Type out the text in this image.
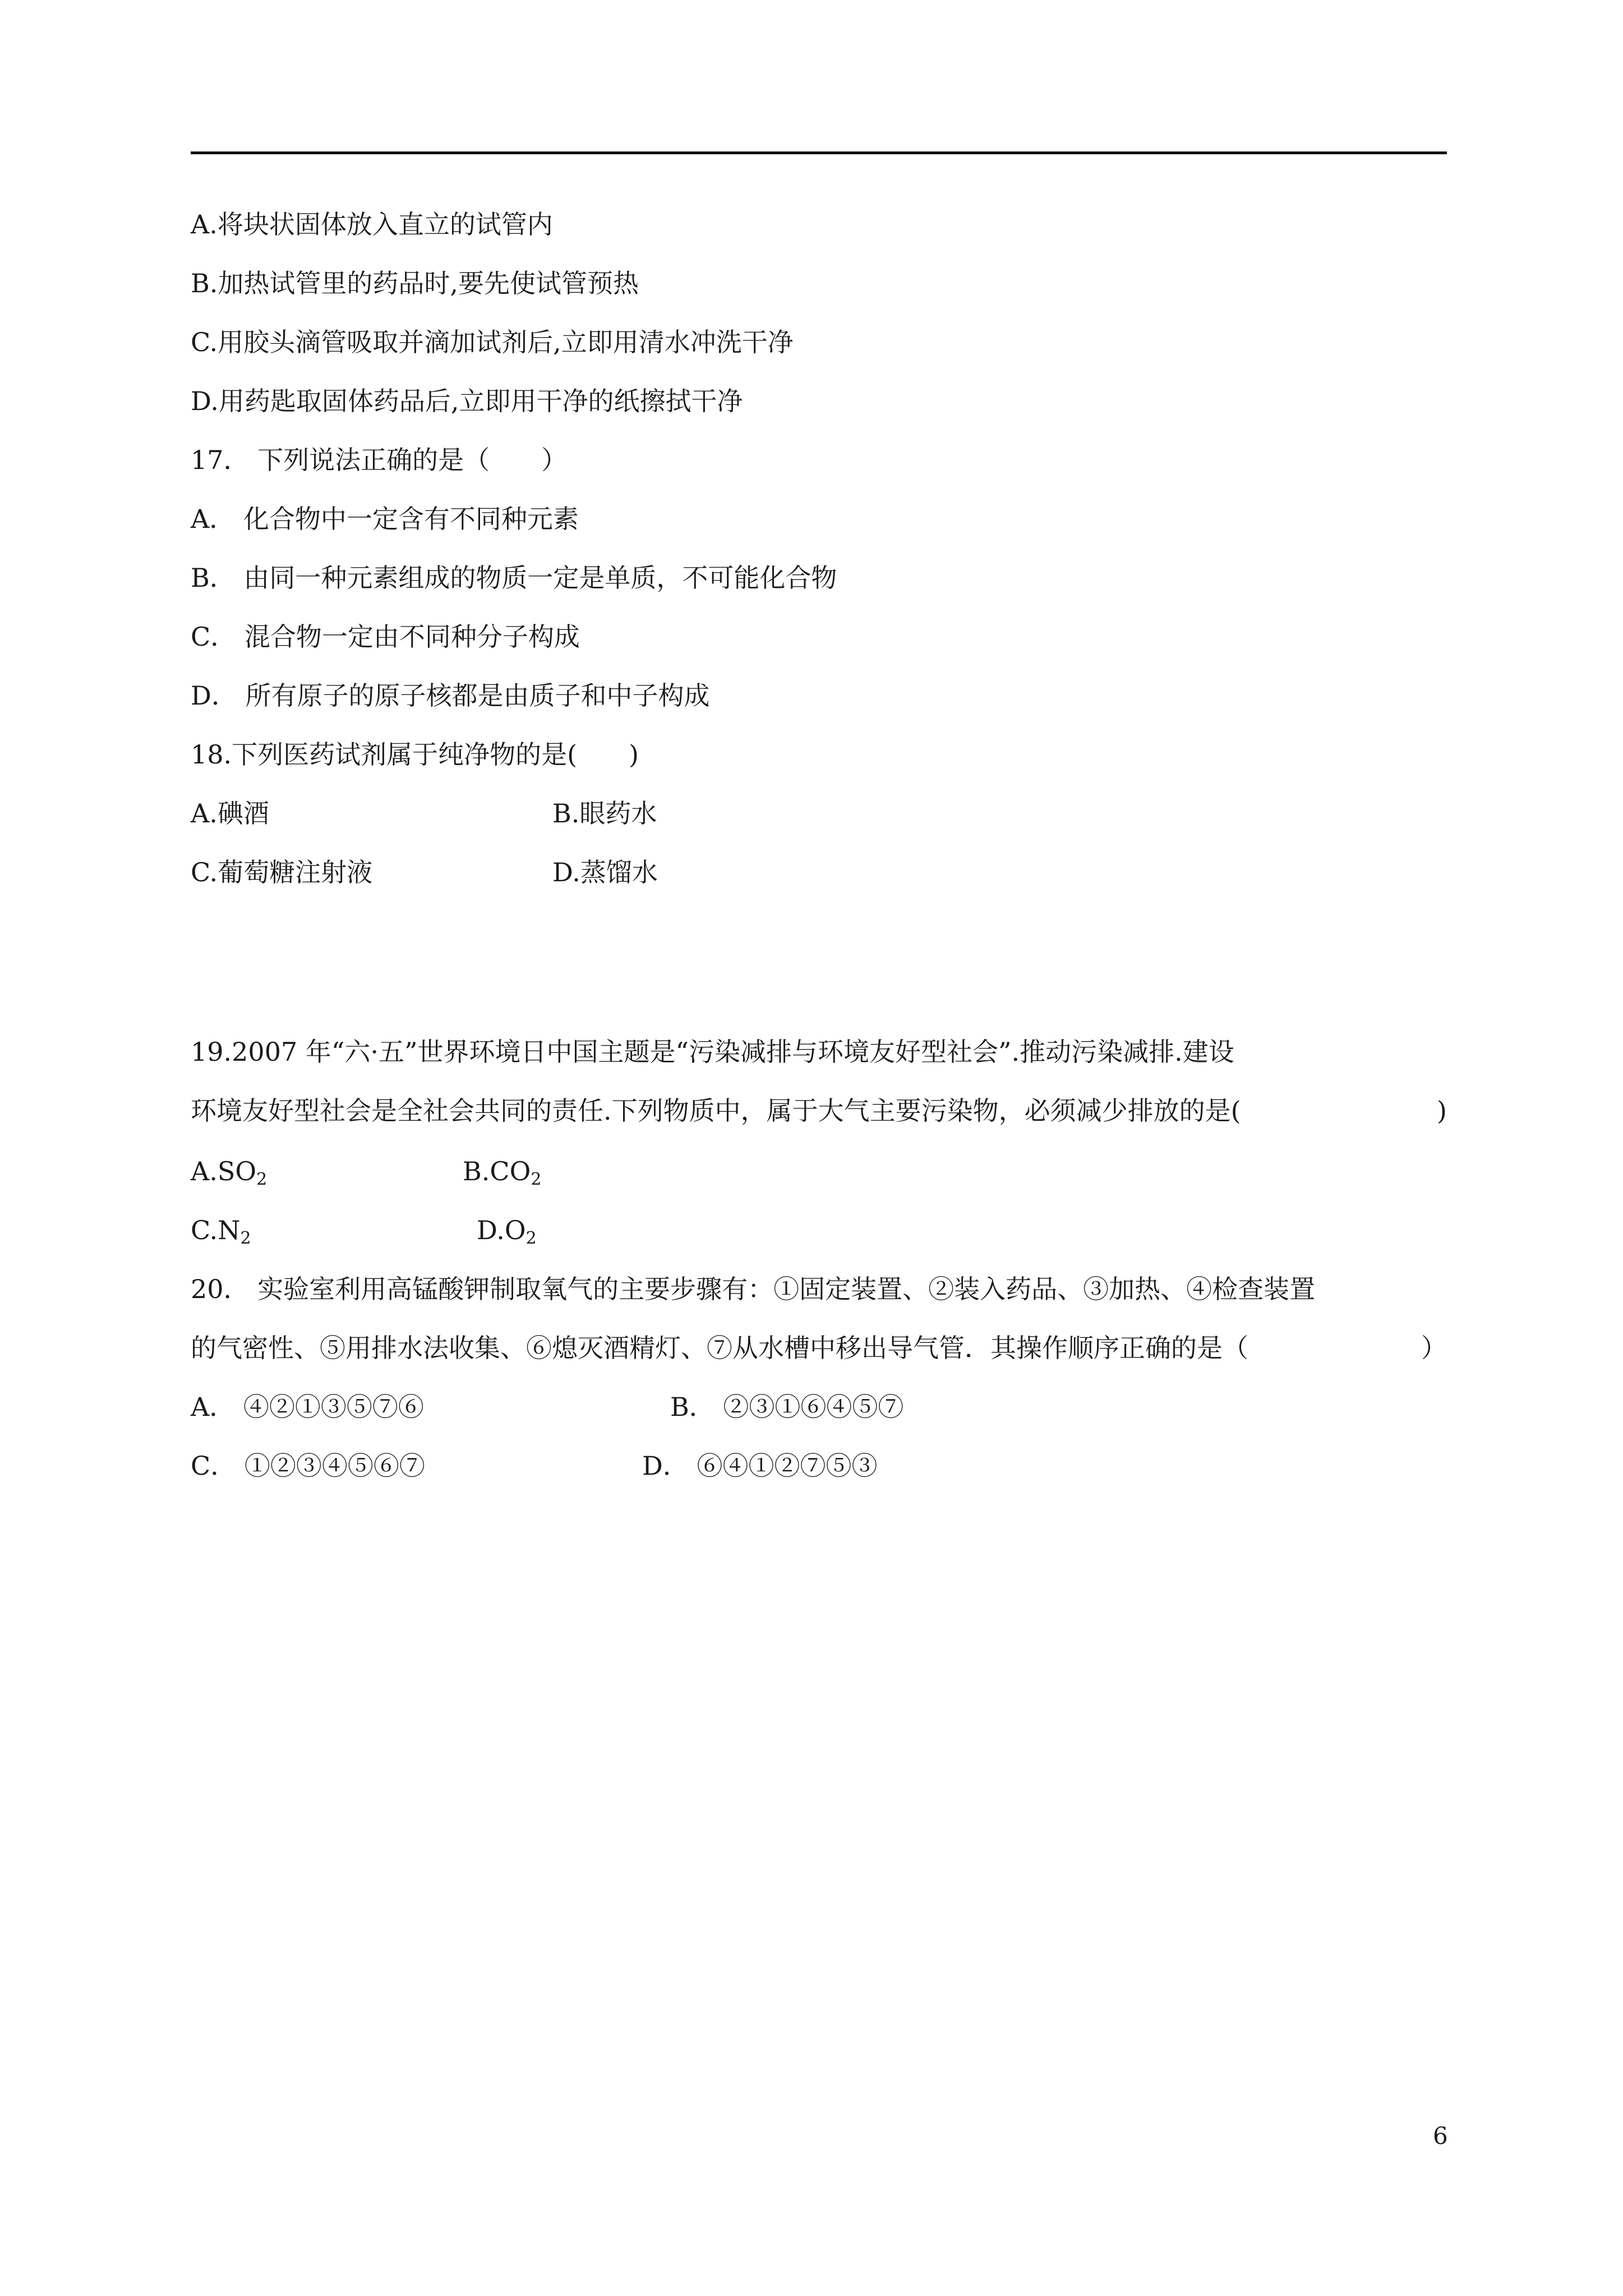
A.将块状固体放入直立的试管内
B.加热试管里的药品时,要先使试管预热
C.用胶头滴管吸取并滴加试剂后,立即用清水冲洗干净
D.用药匙取固体药品后,立即用干净的纸擦拭干净
17． 下列说法正确的是（　　）
A． 化合物中一定含有不同种元素
B． 由同一种元素组成的物质一定是单质，不可能化合物
C． 混合物一定由不同种分子构成
D． 所有原子的原子核都是由质子和中子构成
18.下列医药试剂属于纯净物的是(　　)
A.碘酒	B.眼药水
C.葡萄糖注射液	D.蒸馏水
19.2007 年“六·五”世界环境日中国主题是“污染减排与环境友好型社会”.推动污染减排.建设
环境友好型社会是全社会共同的责任.下列物质中，属于大气主要污染物，必须减少排放的是(	)
$A.SO_2$	$B.CO_2$
$C.N_2$	$D.O_2$
20． 实验室利用高锰酸钾制取氧气的主要步骤有：①固定装置、②装入药品、③加热、④检查装置
的气密性、⑤用排水法收集、⑥熄灭酒精灯、⑦从水槽中移出导气管．其操作顺序正确的是（	）
A． ④②①③⑤⑦⑥	B． ②③①⑥④⑤⑦
C． ①②③④⑤⑥⑦	D． ⑥④①②⑦⑤③
6
